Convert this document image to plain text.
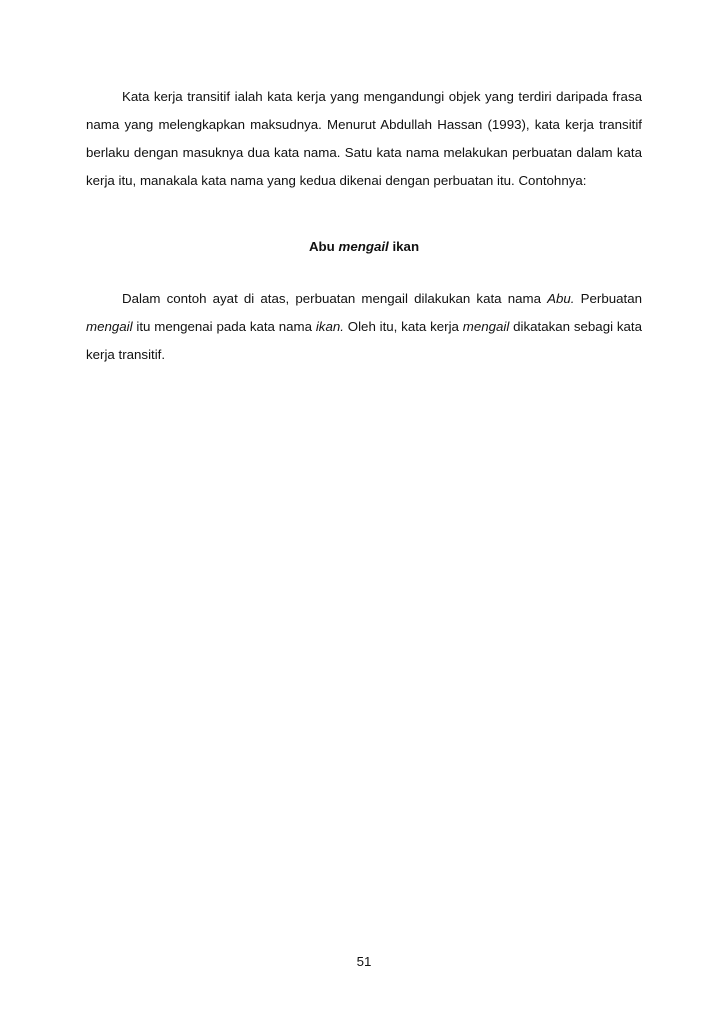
Kata kerja transitif ialah kata kerja yang mengandungi objek yang terdiri daripada frasa nama yang melengkapkan maksudnya. Menurut Abdullah Hassan (1993), kata kerja transitif berlaku dengan masuknya dua kata nama. Satu kata nama melakukan perbuatan dalam kata kerja itu, manakala kata nama yang kedua dikenai dengan perbuatan itu. Contohnya:

Abu mengail ikan

Dalam contoh ayat di atas, perbuatan mengail dilakukan kata nama Abu. Perbuatan mengail itu mengenai pada kata nama ikan. Oleh itu, kata kerja mengail dikatakan sebagi kata kerja transitif.

51
